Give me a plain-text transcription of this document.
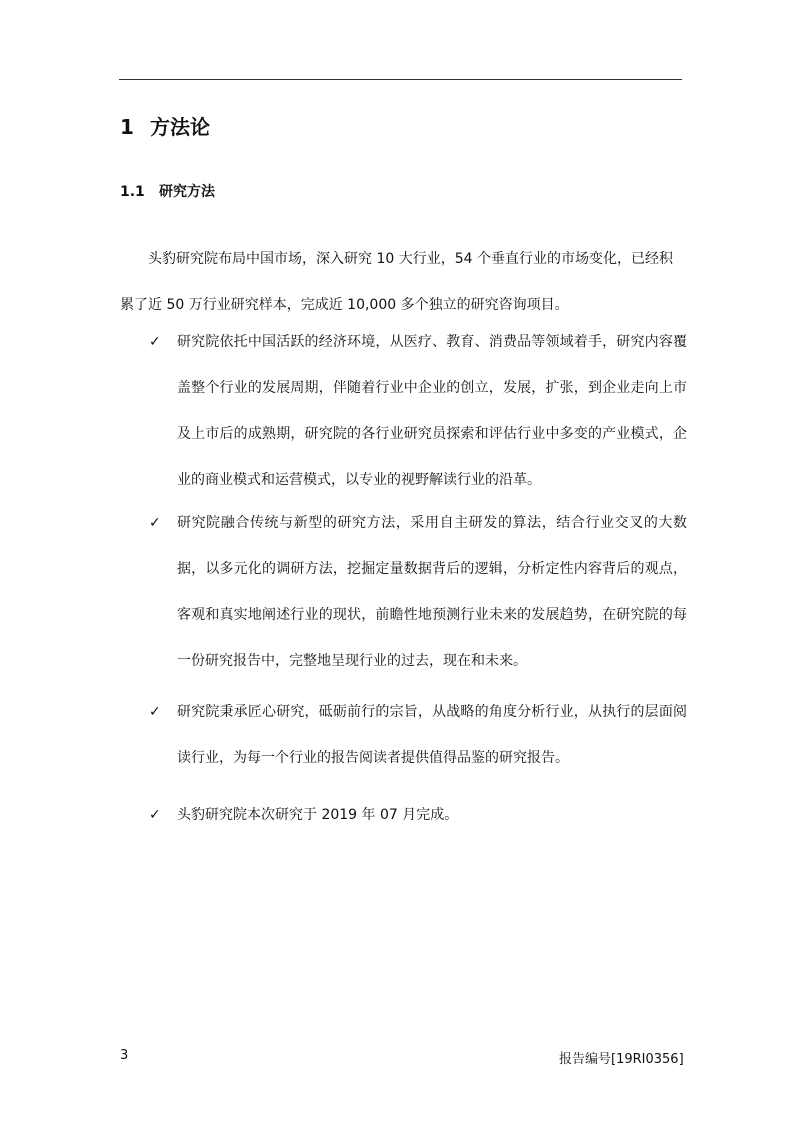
1 方法论
1.1 研究方法

头豹研究院布局中国市场，深入研究 10 大行业，54 个垂直行业的市场变化，已经积累了近 50 万行业研究样本，完成近 10,000 多个独立的研究咨询项目。

✓ 研究院依托中国活跃的经济环境，从医疗、教育、消费品等领域着手，研究内容覆盖整个行业的发展周期，伴随着行业中企业的创立，发展，扩张，到企业走向上市及上市后的成熟期，研究院的各行业研究员探索和评估行业中多变的产业模式，企业的商业模式和运营模式，以专业的视野解读行业的沿革。

✓ 研究院融合传统与新型的研究方法，采用自主研发的算法，结合行业交叉的大数据，以多元化的调研方法，挖掘定量数据背后的逻辑，分析定性内容背后的观点，客观和真实地阐述行业的现状，前瞻性地预测行业未来的发展趋势，在研究院的每一份研究报告中，完整地呈现行业的过去，现在和未来。

✓ 研究院秉承匠心研究，砥砺前行的宗旨，从战略的角度分析行业，从执行的层面阅读行业，为每一个行业的报告阅读者提供值得品鉴的研究报告。

✓ 头豹研究院本次研究于 2019 年 07 月完成。

3	报告编号[19RI0356]
